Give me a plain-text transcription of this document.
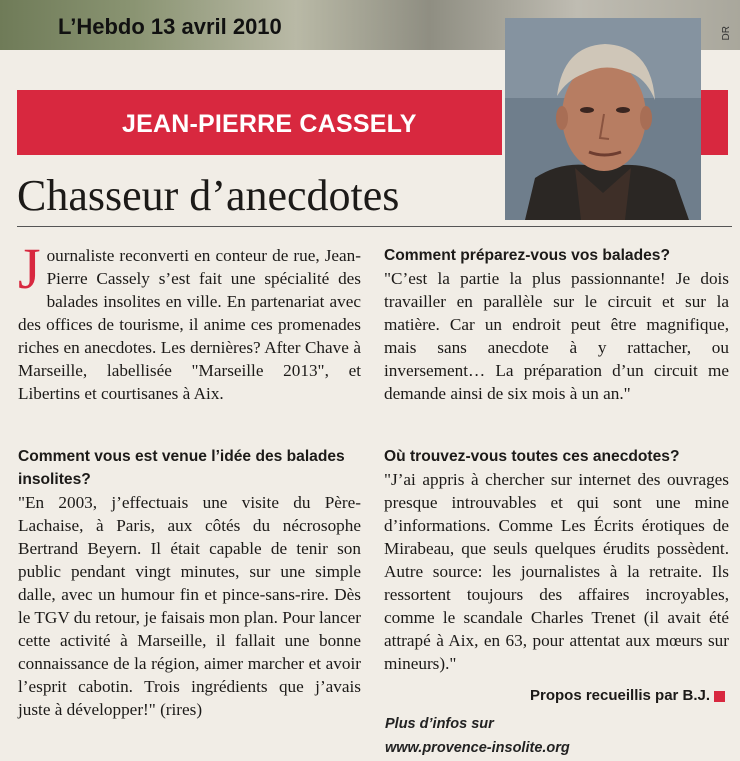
L’Hebdo 13 avril 2010
JEAN-PIERRE CASSELY
DR
Chasseur d’anecdotes

Journaliste reconverti en conteur de rue, Jean-Pierre Cassely s’est fait une spécialité des balades insolites en ville. En partenariat avec des offices de tourisme, il anime ces promenades riches en anecdotes. Les dernières? After Chave à Marseille, labellisée "Marseille 2013", et Libertins et courtisanes à Aix.

Comment vous est venue l’idée des balades insolites?

"En 2003, j’effectuais une visite du Père-Lachaise, à Paris, aux côtés du nécrosophe Bertrand Beyern. Il était capable de tenir son public pendant vingt minutes, sur une simple dalle, avec un humour fin et pince-sans-rire. Dès le TGV du retour, je faisais mon plan. Pour lancer cette activité à Marseille, il fallait une bonne connaissance de la région, aimer marcher et avoir l’esprit cabotin. Trois ingrédients que j’avais juste à développer!" (rires)

Comment préparez-vous vos balades?

"C’est la partie la plus passionnante! Je dois travailler en parallèle sur le circuit et sur la matière. Car un endroit peut être magnifique, mais sans anecdote à y rattacher, ou inversement… La préparation d’un circuit me demande ainsi de six mois à un an."

Où trouvez-vous toutes ces anecdotes?

"J’ai appris à chercher sur internet des ouvrages presque introuvables et qui sont une mine d’informations. Comme Les Écrits érotiques de Mirabeau, que seuls quelques érudits possèdent. Autre source: les journalistes à la retraite. Ils ressortent toujours des affaires incroyables, comme le scandale Charles Trenet (il avait été attrapé à Aix, en 63, pour attentat aux mœurs sur mineurs)."

Propos recueillis par B.J.
Plus d’infos sur
www.provence-insolite.org
